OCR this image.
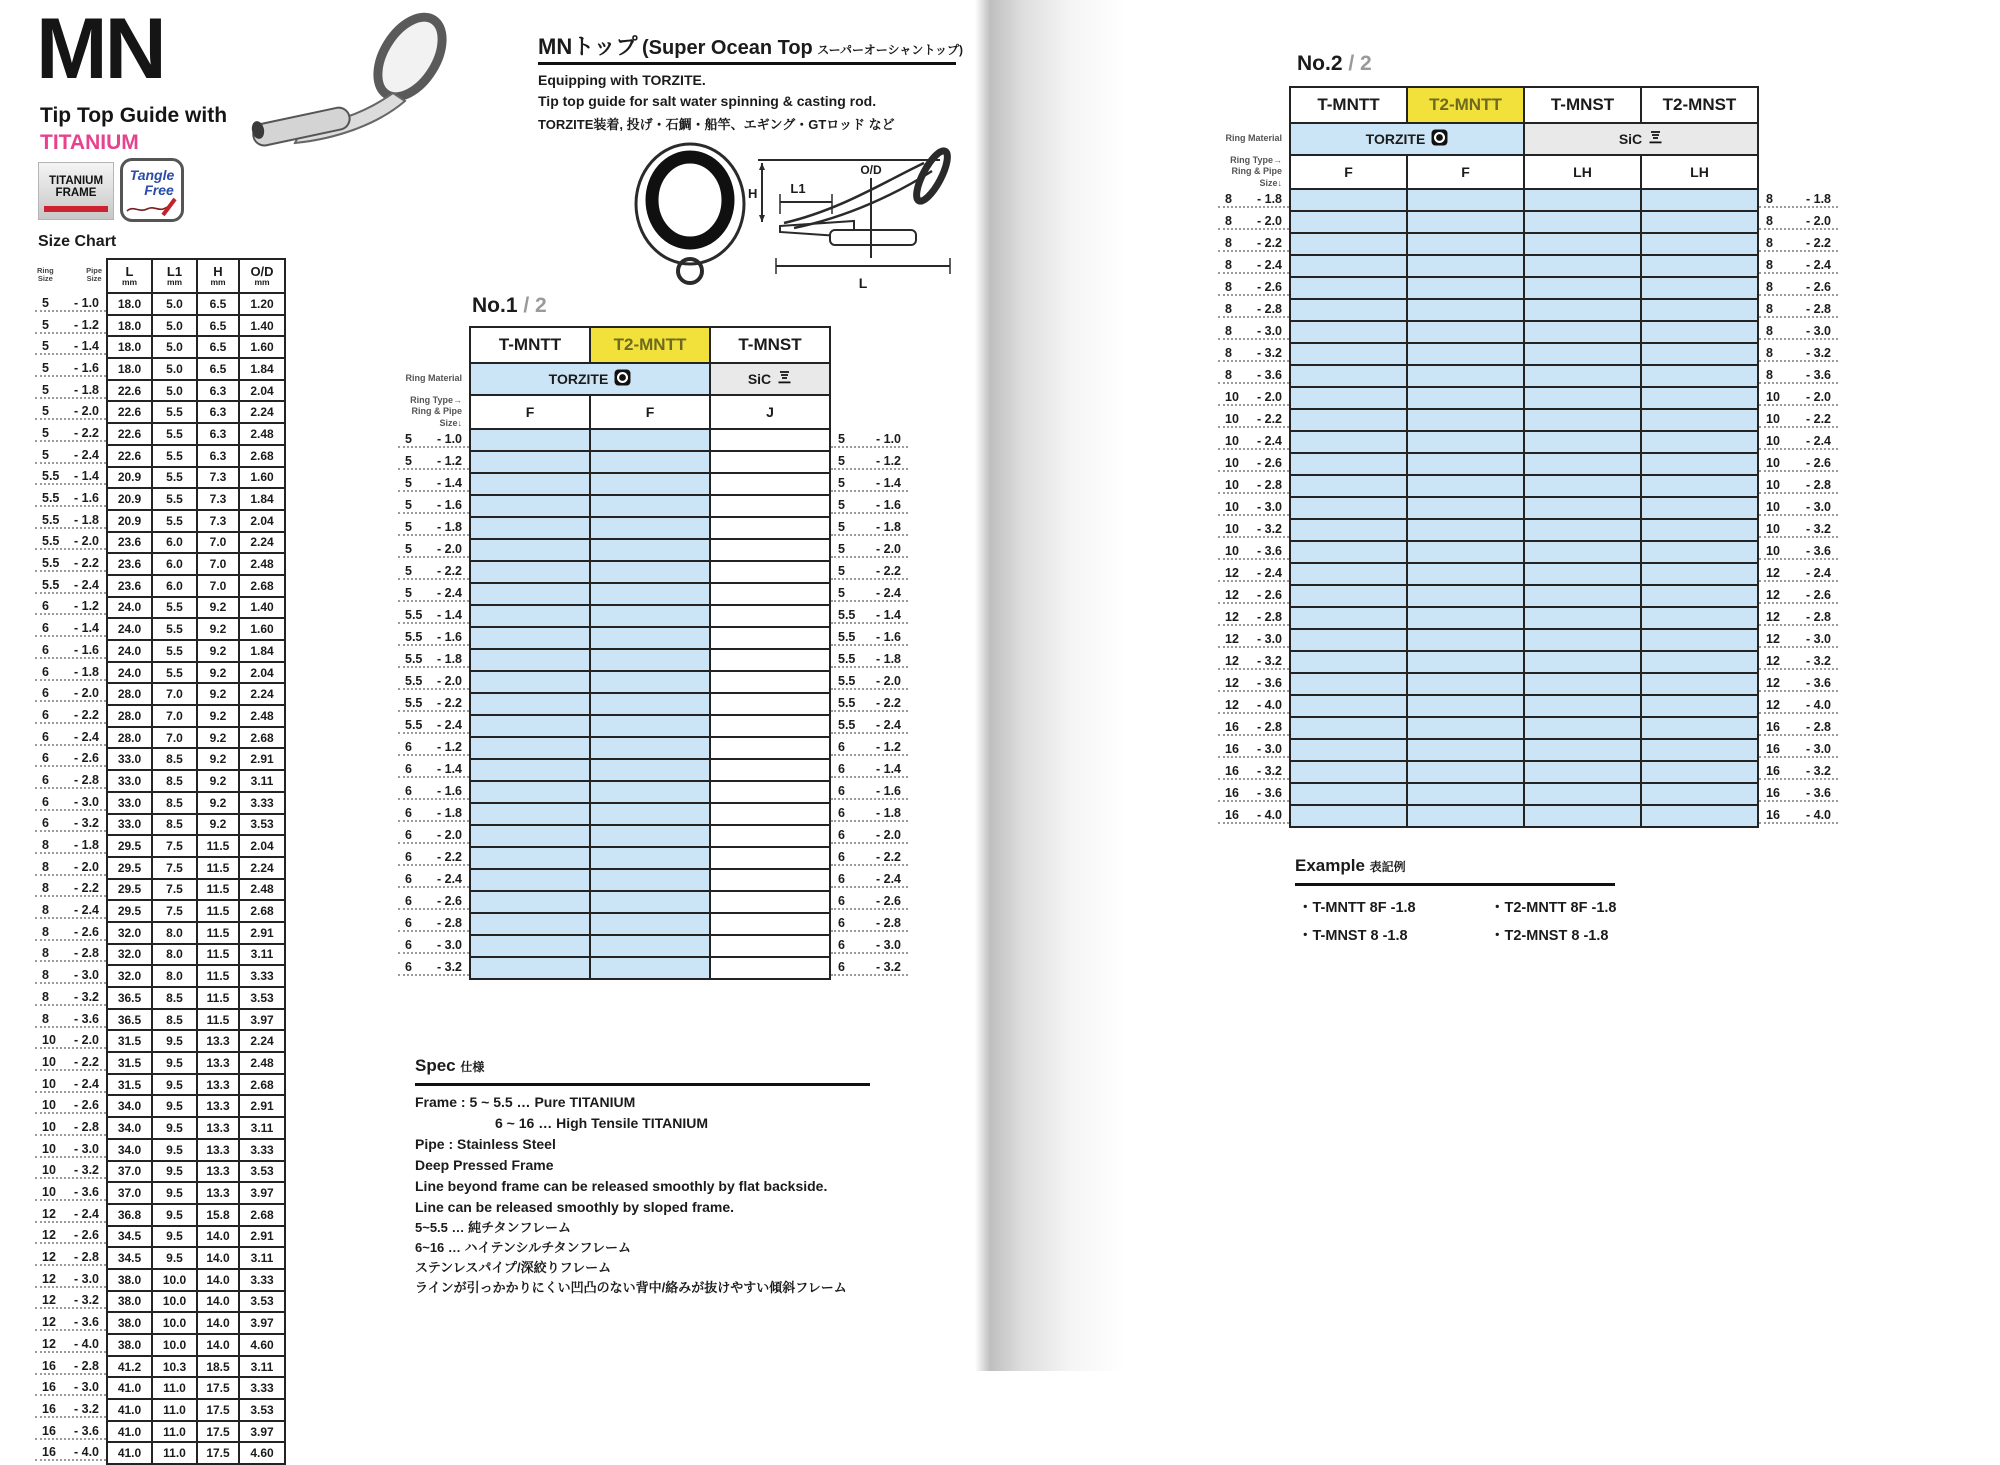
MN
Tip Top Guide with
TITANIUM
TITANIUM
FRAME
Tangle
Free
MNトップ (Super Ocean Top スーパーオーシャントップ)
Equipping with TORZITE.
Tip top guide for salt water spinning & casting rod.
TORZITE装着, 投げ・石鯛・船竿、エギング・GTロッド など
H	L1
O/D
L
Size Chart
Ring
Size
Pipe
Size	L
mm

L1
mm

H
mm

O/D
mm

5 - 1.0	18.0	5.0	6.5	1.20

5 - 1.2	18.0	5.0	6.5	1.40

5 - 1.4	18.0	5.0	6.5	1.60

5 - 1.6	18.0	5.0	6.5	1.84

5 - 1.8	22.6	5.0	6.3	2.04

5 - 2.0	22.6	5.5	6.3	2.24

5 - 2.2	22.6	5.5	6.3	2.48

5 - 2.4	22.6	5.5	6.3	2.68

5.5 - 1.4	20.9	5.5	7.3	1.60

5.5 - 1.6	20.9	5.5	7.3	1.84

5.5 - 1.8	20.9	5.5	7.3	2.04

5.5 - 2.0	23.6	6.0	7.0	2.24

5.5 - 2.2	23.6	6.0	7.0	2.48

5.5 - 2.4	23.6	6.0	7.0	2.68

6 - 1.2	24.0	5.5	9.2	1.40

6 - 1.4	24.0	5.5	9.2	1.60

6 - 1.6	24.0	5.5	9.2	1.84

6 - 1.8	24.0	5.5	9.2	2.04

6 - 2.0	28.0	7.0	9.2	2.24

6 - 2.2	28.0	7.0	9.2	2.48

6 - 2.4	28.0	7.0	9.2	2.68

6 - 2.6	33.0	8.5	9.2	2.91

6 - 2.8	33.0	8.5	9.2	3.11

6 - 3.0	33.0	8.5	9.2	3.33

6 - 3.2	33.0	8.5	9.2	3.53

8 - 1.8	29.5	7.5	11.5	2.04

8 - 2.0	29.5	7.5	11.5	2.24

8 - 2.2	29.5	7.5	11.5	2.48

8 - 2.4	29.5	7.5	11.5	2.68

8 - 2.6	32.0	8.0	11.5	2.91

8 - 2.8	32.0	8.0	11.5	3.11

8 - 3.0	32.0	8.0	11.5	3.33

8 - 3.2	36.5	8.5	11.5	3.53

8 - 3.6	36.5	8.5	11.5	3.97

10 - 2.0	31.5	9.5	13.3	2.24

10 - 2.2	31.5	9.5	13.3	2.48

10 - 2.4	31.5	9.5	13.3	2.68

10 - 2.6	34.0	9.5	13.3	2.91

10 - 2.8	34.0	9.5	13.3	3.11

10 - 3.0	34.0	9.5	13.3	3.33

10 - 3.2	37.0	9.5	13.3	3.53

10 - 3.6	37.0	9.5	13.3	3.97

12 - 2.4	36.8	9.5	15.8	2.68

12 - 2.6	34.5	9.5	14.0	2.91

12 - 2.8	34.5	9.5	14.0	3.11

12 - 3.0	38.0	10.0	14.0	3.33

12 - 3.2	38.0	10.0	14.0	3.53

12 - 3.6	38.0	10.0	14.0	3.97

12 - 4.0	38.0	10.0	14.0	4.60

16 - 2.8	41.2	10.3	18.5	3.11

16 - 3.0	41.0	11.0	17.5	3.33

16 - 3.2	41.0	11.0	17.5	3.53

16 - 3.6	41.0	11.0	17.5	3.97

16 - 4.0	41.0	11.0	17.5	4.60
No.1 / 2
	T-MNTT	T2-MNTT	T-MNST	

Ring Material	TORZITE		SiC	

Ring Type→
Ring & Pipe Size↓	F	F	J	

5 - 1.0				5 - 1.0

5 - 1.2				5 - 1.2

5 - 1.4				5 - 1.4

5 - 1.6				5 - 1.6

5 - 1.8				5 - 1.8

5 - 2.0				5 - 2.0

5 - 2.2				5 - 2.2

5 - 2.4				5 - 2.4

5.5 - 1.4				5.5 - 1.4

5.5 - 1.6				5.5 - 1.6

5.5 - 1.8				5.5 - 1.8

5.5 - 2.0				5.5 - 2.0

5.5 - 2.2				5.5 - 2.2

5.5 - 2.4				5.5 - 2.4

6 - 1.2				6 - 1.2

6 - 1.4				6 - 1.4

6 - 1.6				6 - 1.6

6 - 1.8				6 - 1.8

6 - 2.0				6 - 2.0

6 - 2.2				6 - 2.2

6 - 2.4				6 - 2.4

6 - 2.6				6 - 2.6

6 - 2.8				6 - 2.8

6 - 3.0				6 - 3.0

6 - 3.2				6 - 3.2
Spec 仕様
Frame : 5 ~ 5.5 … Pure TITANIUM
6 ~ 16 … High Tensile TITANIUM
Pipe : Stainless Steel
Deep Pressed Frame
Line beyond frame can be released smoothly by flat backside.
Line can be released smoothly by sloped frame.
5~5.5 … 純チタンフレーム
6~16 … ハイテンシルチタンフレーム
ステンレスパイプ/深絞りフレーム
ラインが引っかかりにくい凹凸のない背中/絡みが抜けやすい傾斜フレーム
No.2 / 2
	T-MNTT	T2-MNTT	T-MNST	T2-MNST	

Ring Material	TORZITE		SiC		

Ring Type→
Ring & Pipe Size↓	F	F	LH	LH	

8 - 1.8					8 - 1.8

8 - 2.0					8 - 2.0

8 - 2.2					8 - 2.2

8 - 2.4					8 - 2.4

8 - 2.6					8 - 2.6

8 - 2.8					8 - 2.8

8 - 3.0					8 - 3.0

8 - 3.2					8 - 3.2

8 - 3.6					8 - 3.6

10 - 2.0					10 - 2.0

10 - 2.2					10 - 2.2

10 - 2.4					10 - 2.4

10 - 2.6					10 - 2.6

10 - 2.8					10 - 2.8

10 - 3.0					10 - 3.0

10 - 3.2					10 - 3.2

10 - 3.6					10 - 3.6

12 - 2.4					12 - 2.4

12 - 2.6					12 - 2.6

12 - 2.8					12 - 2.8

12 - 3.0					12 - 3.0

12 - 3.2					12 - 3.2

12 - 3.6					12 - 3.6

12 - 4.0					12 - 4.0

16 - 2.8					16 - 2.8

16 - 3.0					16 - 3.0

16 - 3.2					16 - 3.2

16 - 3.6					16 - 3.6

16 - 4.0					16 - 4.0
Example 表記例
・T-MNTT 8F -1.8	・T2-MNTT 8F -1.8
・T-MNST 8 -1.8	・T2-MNST 8 -1.8
